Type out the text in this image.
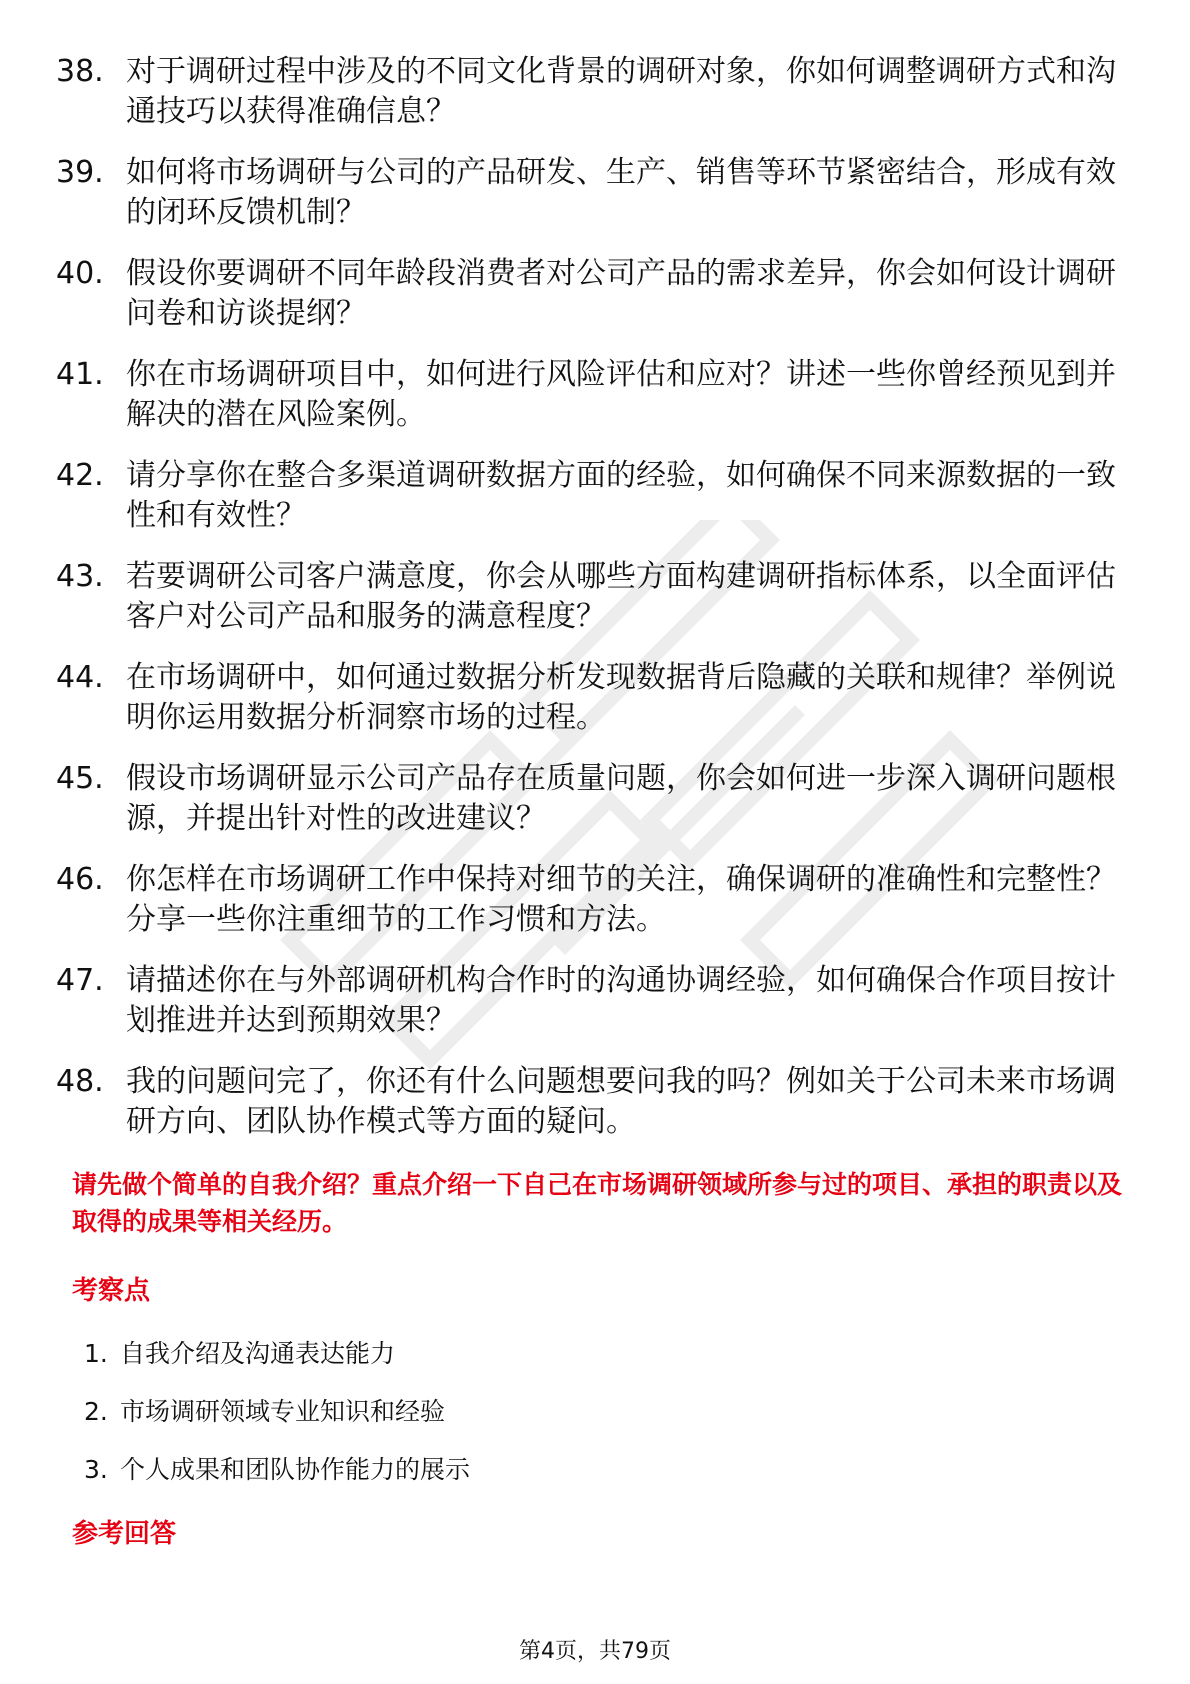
38. 对于调研过程中涉及的不同文化背景的调研对象，你如何调整调研方式和沟通技巧以获得准确信息？
39. 如何将市场调研与公司的产品研发、生产、销售等环节紧密结合，形成有效的闭环反馈机制？
40. 假设你要调研不同年龄段消费者对公司产品的需求差异，你会如何设计调研问卷和访谈提纲？
41. 你在市场调研项目中，如何进行风险评估和应对？讲述一些你曾经预见到并解决的潜在风险案例。
42. 请分享你在整合多渠道调研数据方面的经验，如何确保不同来源数据的一致性和有效性？
43. 若要调研公司客户满意度，你会从哪些方面构建调研指标体系，以全面评估客户对公司产品和服务的满意程度？
44. 在市场调研中，如何通过数据分析发现数据背后隐藏的关联和规律？举例说明你运用数据分析洞察市场的过程。
45. 假设市场调研显示公司产品存在质量问题，你会如何进一步深入调研问题根源，并提出针对性的改进建议？
46. 你怎样在市场调研工作中保持对细节的关注，确保调研的准确性和完整性？分享一些你注重细节的工作习惯和方法。
47. 请描述你在与外部调研机构合作时的沟通协调经验，如何确保合作项目按计划推进并达到预期效果？
48. 我的问题问完了，你还有什么问题想要问我的吗？例如关于公司未来市场调研方向、团队协作模式等方面的疑问。
请先做个简单的自我介绍？重点介绍一下自己在市场调研领域所参与过的项目、承担的职责以及取得的成果等相关经历。
考察点
1. 自我介绍及沟通表达能力
2. 市场调研领域专业知识和经验
3. 个人成果和团队协作能力的展示
参考回答
第4页，共79页
